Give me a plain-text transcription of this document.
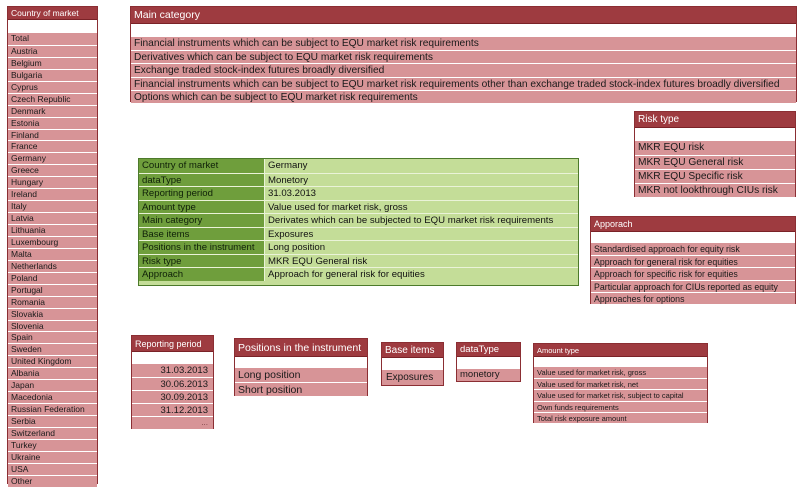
Country of market
Total
Austria
Belgium
Bulgaria
Cyprus
Czech Republic
Denmark
Estonia
Finland
France
Germany
Greece
Hungary
Ireland
Italy
Latvia
Lithuania
Luxembourg
Malta
Netherlands
Poland
Portugal
Romania
Slovakia
Slovenia
Spain
Sweden
United Kingdom
Albania
Japan
Macedonia
Russian Federation
Serbia
Switzerland
Turkey
Ukraine
USA
Other
Main category
Financial instruments which can be subject to EQU market risk requirements
Derivatives which can be subject to EQU market risk requirements
Exchange traded stock-index futures broadly diversified
Financial instruments which can be subject to EQU market risk requirements other than exchange traded stock-index futures broadly diversified
Options which can be subject to EQU market risk requirements
Risk type
MKR EQU risk
MKR EQU General risk
MKR EQU Specific risk
MKR not lookthrough CIUs risk
Apporach
Standardised approach for equity risk
Approach for general risk for equities
Approach for specific risk for equities
Particular approach for CIUs reported as equity
Approaches for options
Country of market	Germany
dataType	Monetory
Reporting period	31.03.2013
Amount type	Value used for market risk, gross
Main category	Derivates which can be subjected to EQU market risk requirements
Base items	Exposures
Positions in the instrument	Long position
Risk type	MKR EQU General risk
Approach	Approach for general risk for equities
Reporting period
31.03.2013
30.06.2013
30.09.2013
31.12.2013
...
Positions in the instrument
Long position
Short position
Base items
Exposures
dataType
monetory
Amount type
Value used for market risk, gross
Value used for market risk, net
Value used for market risk, subject to capital
Own funds requirements
Total risk exposure amount
